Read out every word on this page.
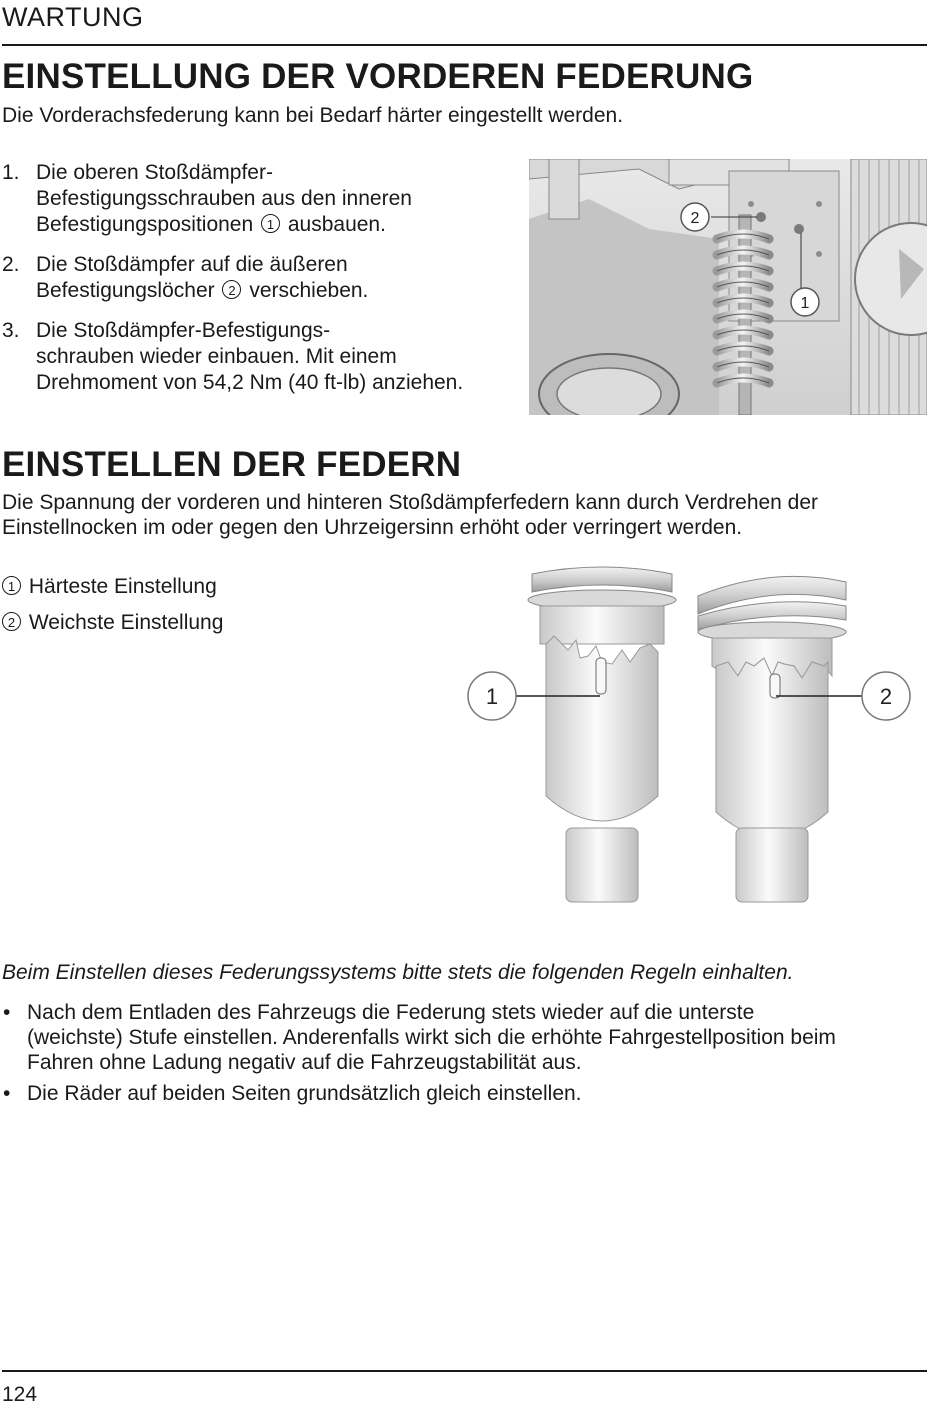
WARTUNG
EINSTELLUNG DER VORDEREN FEDERUNG

Die Vorderachsfederung kann bei Bedarf härter eingestellt werden.

1. Die oberen Stoßdämpfer-
Befestigungsschrauben aus den inneren
Befestigungspositionen 1 ausbauen.
2. Die Stoßdämpfer auf die äußeren
Befestigungslöcher 2 verschieben.
3. Die Stoßdämpfer-Befestigungs-
schrauben wieder einbauen. Mit einem
Drehmoment von 54,2 Nm (40 ft-lb) anziehen.
2
1
EINSTELLEN DER FEDERN

Die Spannung der vorderen und hinteren Stoßdämpferfedern kann durch Verdrehen der
Einstellnocken im oder gegen den Uhrzeigersinn erhöht oder verringert werden.

1 Härteste Einstellung
2 Weichste Einstellung
1	2
Beim Einstellen dieses Federungssystems bitte stets die folgenden Regeln einhalten.
• Nach dem Entladen des Fahrzeugs die Federung stets wieder auf die unterste
(weichste) Stufe einstellen. Anderenfalls wirkt sich die erhöhte Fahrgestellposition beim
Fahren ohne Ladung negativ auf die Fahrzeugstabilität aus.
• Die Räder auf beiden Seiten grundsätzlich gleich einstellen.
124
